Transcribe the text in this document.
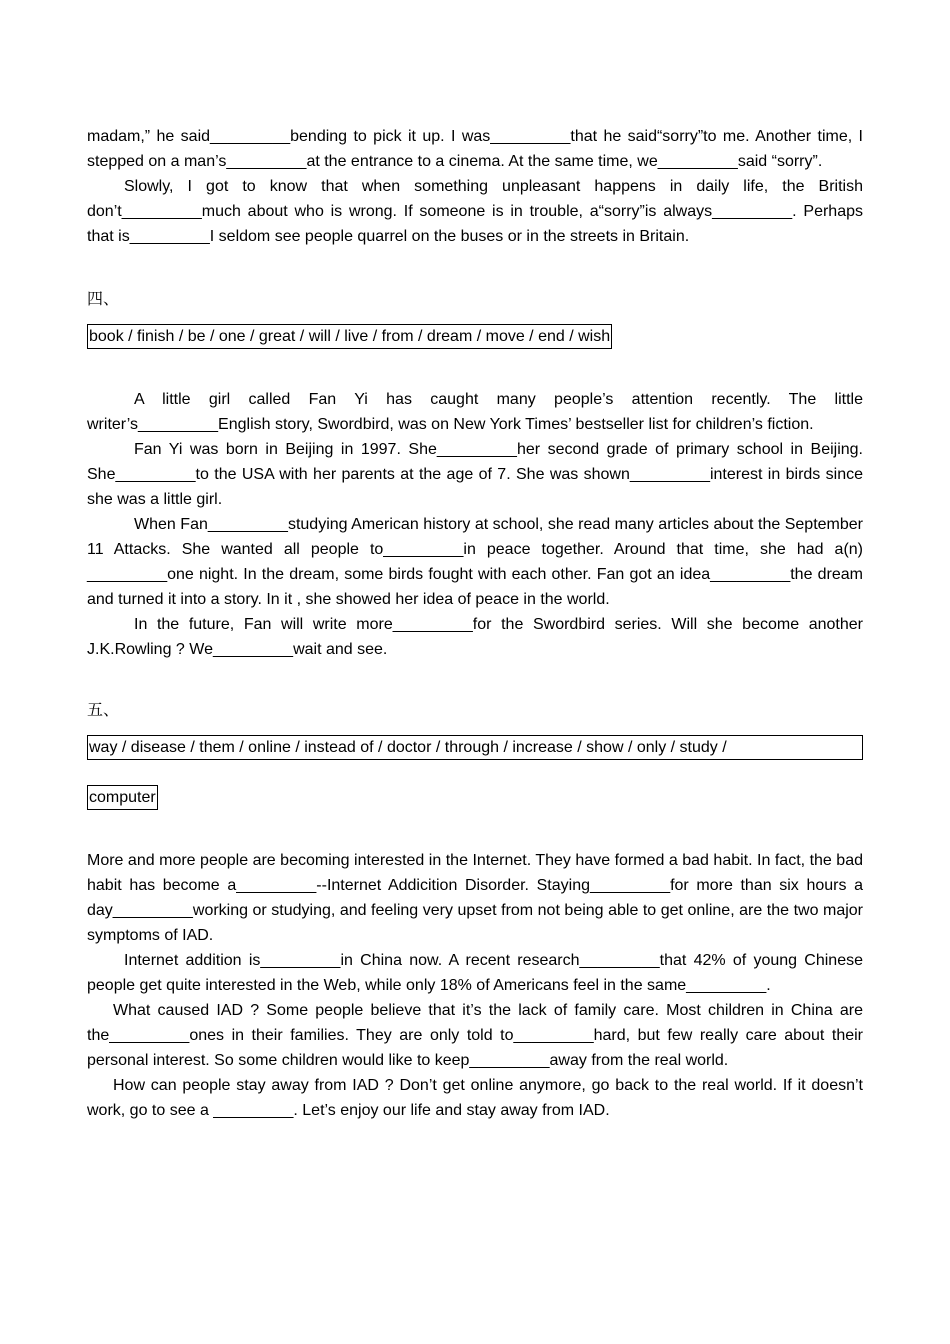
madam,” he said_________bending to pick it up. I was_________that he said“sorry”to me. Another time, I stepped on a man’s_________at the entrance to a cinema. At the same time, we_________said “sorry”.

Slowly, I got to know that when something unpleasant happens in daily life, the British don’t_________much about who is wrong. If someone is in trouble, a“sorry”is always_________. Perhaps that is_________I seldom see people quarrel on the buses or in the streets in Britain.

四、

book / finish / be / one / great / will / live / from / dream / move / end / wish

A little girl called Fan Yi has caught many people’s attention recently. The little writer’s_________English story, Swordbird, was on New York Times’ bestseller list for children’s fiction.

Fan Yi was born in Beijing in 1997. She_________her second grade of primary school in Beijing. She_________to the USA with her parents at the age of 7. She was shown_________interest in birds since she was a little girl.

When Fan_________studying American history at school, she read many articles about the September 11 Attacks. She wanted all people to_________in peace together. Around that time, she had a(n) _________one night. In the dream, some birds fought with each other. Fan got an idea_________the dream and turned it into a story. In it , she showed her idea of peace in the world.

In the future, Fan will write more_________for the Swordbird series. Will she become another J.K.Rowling ? We_________wait and see.

五、

way / disease / them / online / instead of / doctor / through / increase / show / only / study /
computer

More and more people are becoming interested in the Internet. They have formed a bad habit. In fact, the bad habit has become a_________--Internet Addicition Disorder. Staying_________for more than six hours a day_________working or studying, and feeling very upset from not being able to get online, are the two major symptoms of IAD.

Internet addition is_________in China now. A recent research_________that 42% of young Chinese people get quite interested in the Web, while only 18% of Americans feel in the same_________.

What caused IAD ? Some people believe that it’s the lack of family care. Most children in China are the_________ones in their families. They are only told to_________hard, but few really care about their personal interest. So some children would like to keep_________away from the real world.

How can people stay away from IAD ? Don’t get online anymore, go back to the real world. If it doesn’t work, go to see a _________. Let’s enjoy our life and stay away from IAD.
